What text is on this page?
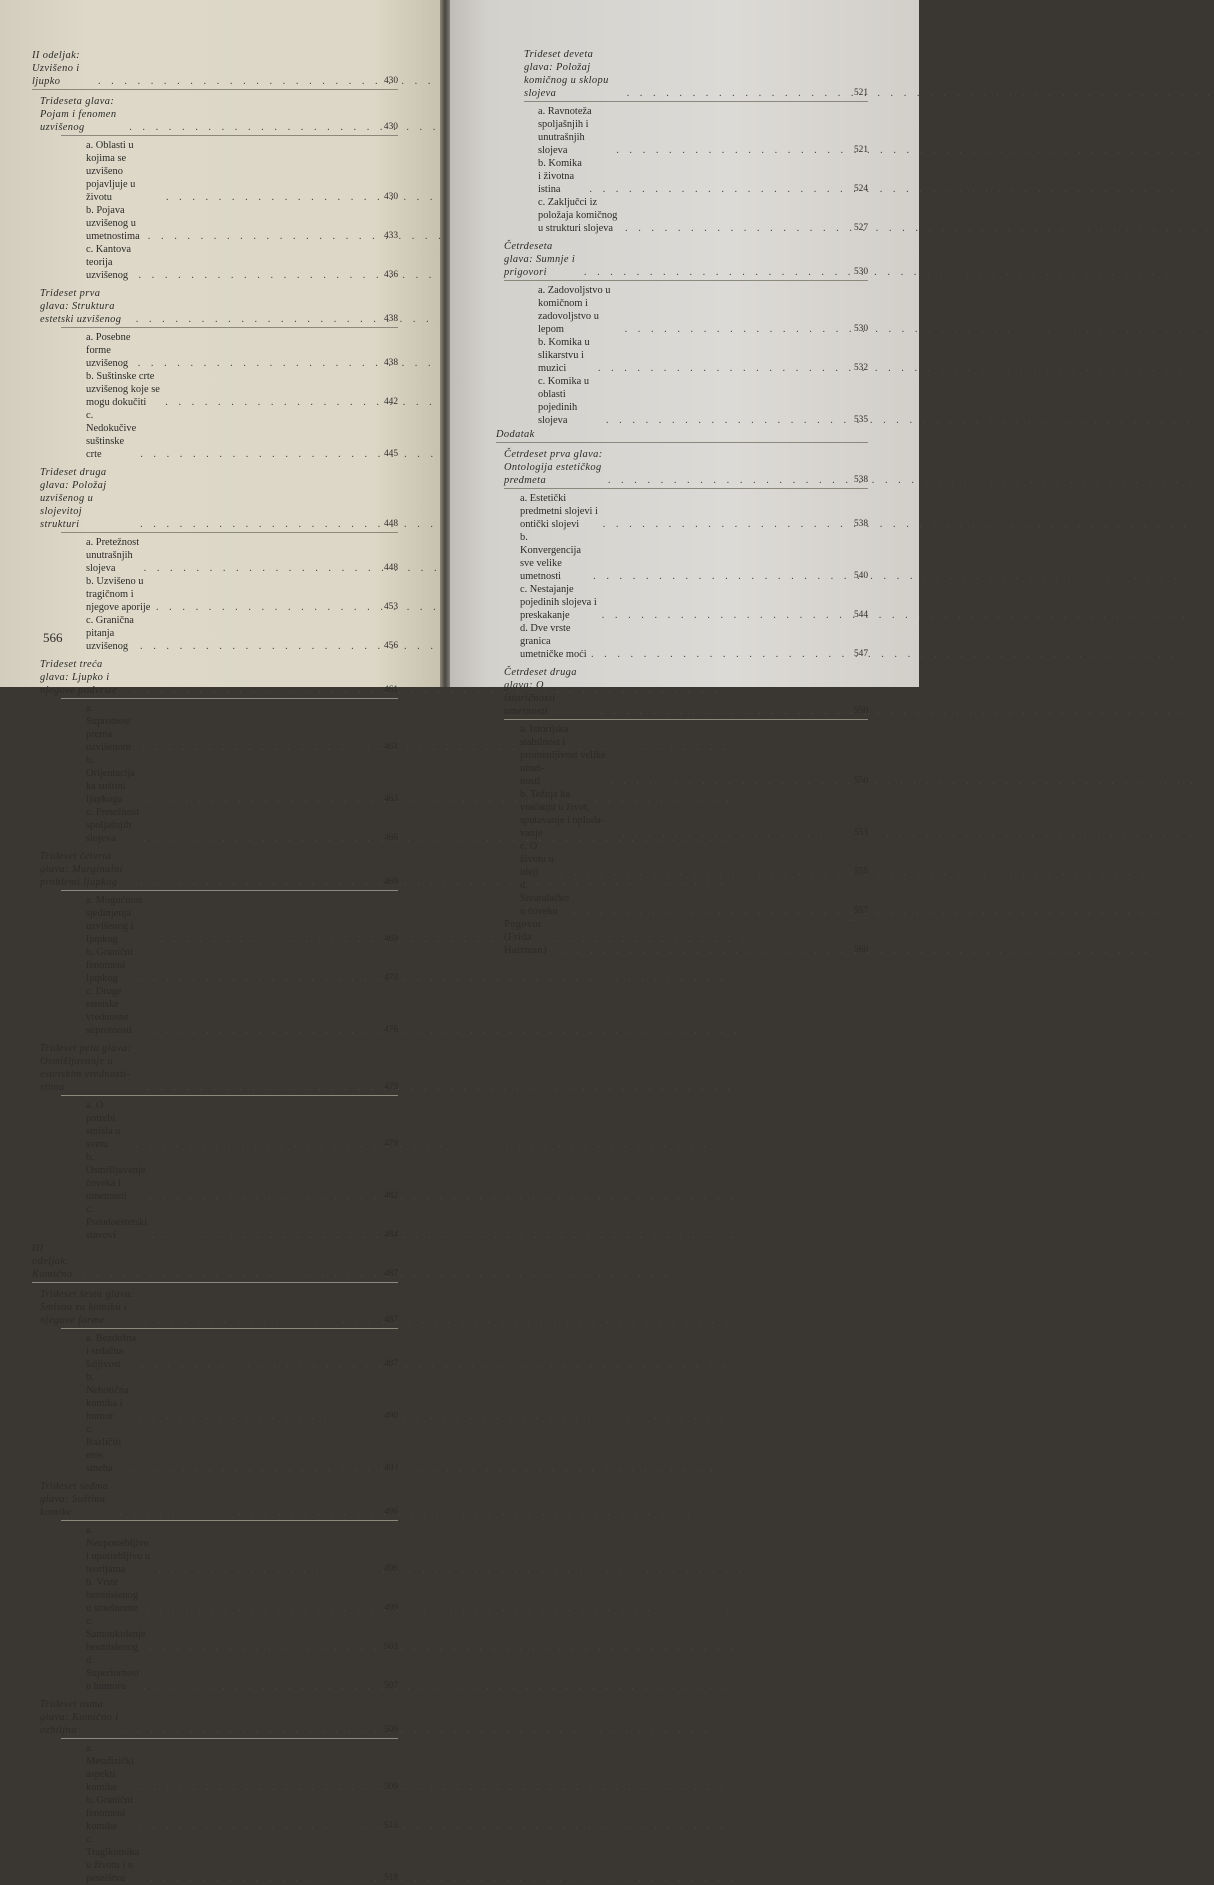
II odeljak: Uzvišeno i ljupko . . .	430
Trideseta glava: Pojam i fenomen uzvišenog . . .	430
a. Oblasti u kojima se uzvišeno pojavljuje u životu . . .	430
b. Pojava uzvišenog u umetnostima . . .	433
c. Kantova teorija uzvišenog . . .	436
Trideset prva glava: Struktura estetski uzvišenog . . .	438
a. Posebne forme uzvišenog . . .	438
b. Suštinske crte uzvišenog koje se mogu dokučiti . . .	442
c. Nedokučive suštinske crte . . .	445
Trideset druga glava: Položaj uzvišenog u slojevitoj
strukturi . . .	448
a. Pretežnost unutrašnjih slojeva . . .	448
b. Uzvišeno u tragičnom i njegove aporije . . .	453
c. Granična pitanja uzvišenog . . .	456
Trideset treća glava: Ljupko i njegove podvrste . . .	461
a. Suprotnost prema uzvišenom . . .	461
b. Orijentacija ka suštini ljupkoga . . .	463
c. Pretežnost spoljašnjih slojeva . . .	466
Trideset četvrta glava: Marginalni problemi ljupkog . . .	469
a. Mogućnost sjedinjenja uzvišenog i ljupkog . . .	469
b. Granični fenomeni ljupkog . . .	473
c. Druge estetske vrednosne suprotnosti . . .	476
Trideset peta glava: Osmišljavanje u estetskim vrednosti-
stima . . .	479
a. O potrebi smisla u svetu . . .	479
b. Osmišljavanje čoveka i umetnosti . . .	482
c. Pseudoestetski stavovi . . .	484
III odeljak: Komično . . .	487
Trideset šesta glava: Smisao za komiku i njegove forme . . .	487
a. Bezdušna i srdačna šaljivost . . .	487
b. Nehotična komika i humor . . .	490
c. Različiti etos smeha . . .	493
Trideset sedma glava: Suština komike . . .	496
a. Neupotrebljivo i upotrebljivo u teorijama . . .	496
b. Vrste besmislenog u smešnome . . .	499
c. Samoukidanje besmislenog . . .	503
d. Superiornost u humoru . . .	507
Trideset osma glava: Komično i ozbiljno . . .	509
a. Metafizički aspekti komike . . .	509
b. Granični fenomeni komike . . .	513
c. Tragikomika u životu i u pesništvu . . .	518
566
Trideset deveta glava: Položaj komičnog u sklopu slojeva . . .	521
a. Ravnoteža spoljašnjih i unutrašnjih slojeva . . .	521
b. Komika i životna istina . . .	524
c. Zaključci iz položaja komičnog u strukturi slojeva . . .	527
Četrdeseta glava: Sumnje i prigovori . . .	530
a. Zadovoljstvo u komičnom i zadovoljstvo u lepom . . .	530
b. Komika u slikarstvu i muzici . . .	532
c. Komika u oblasti pojedinih slojeva . . .	535
Dodatak
Četrdeset prva glava: Ontologija estetičkog predmeta . . .	538
a. Estetički predmetni slojevi i ontički slojevi . . .	538
b. Konvergencija sve velike umetnosti . . .	540
c. Nestajanje pojedinih slojeva i preskakanje . . .	544
d. Dve vrste granica umetničke moći . . .	547
Četrdeset druga glava: O istoričnosti umetnosti . . .	550
a. Istorijska stabilnost i promenljivost velike umet-
nosti . . .	550
b. Težnja ka vraćanju u život, sputavanje i oploda-
vanje . . .	553
c. O životu u ideji . . .	555
d. Stvaralačko u čoveku . . .	557
Pogovor (Frida Hartman) . . .	560
